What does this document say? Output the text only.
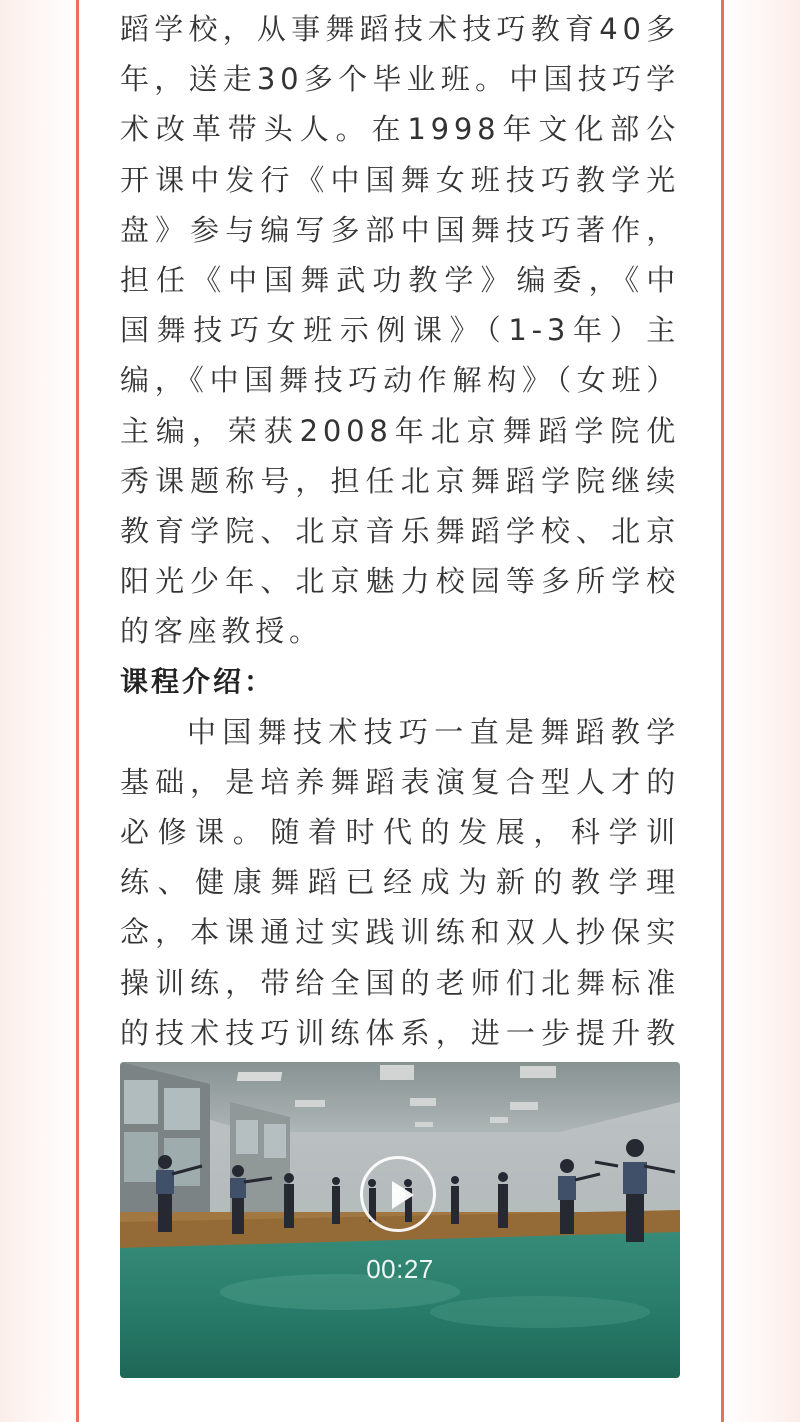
蹈学校，从事舞蹈技术技巧教育40多年，送走30多个毕业班。中国技巧学术改革带头人。在1998年文化部公开课中发行《中国舞女班技巧教学光盘》参与编写多部中国舞技巧著作，担任《中国舞武功教学》编委，《中国舞技巧女班示例课》（1-3年）主编，《中国舞技巧动作解构》（女班）主编，荣获2008年北京舞蹈学院优秀课题称号，担任北京舞蹈学院继续教育学院、北京音乐舞蹈学校、北京阳光少年、北京魅力校园等多所学校的客座教授。

课程介绍：

中国舞技术技巧一直是舞蹈教学基础，是培养舞蹈表演复合型人才的必修课。随着时代的发展，科学训练、健康舞蹈已经成为新的教学理念，本课通过实践训练和双人抄保实操训练，带给全国的老师们北舞标准的技术技巧训练体系，进一步提升教

00:27
